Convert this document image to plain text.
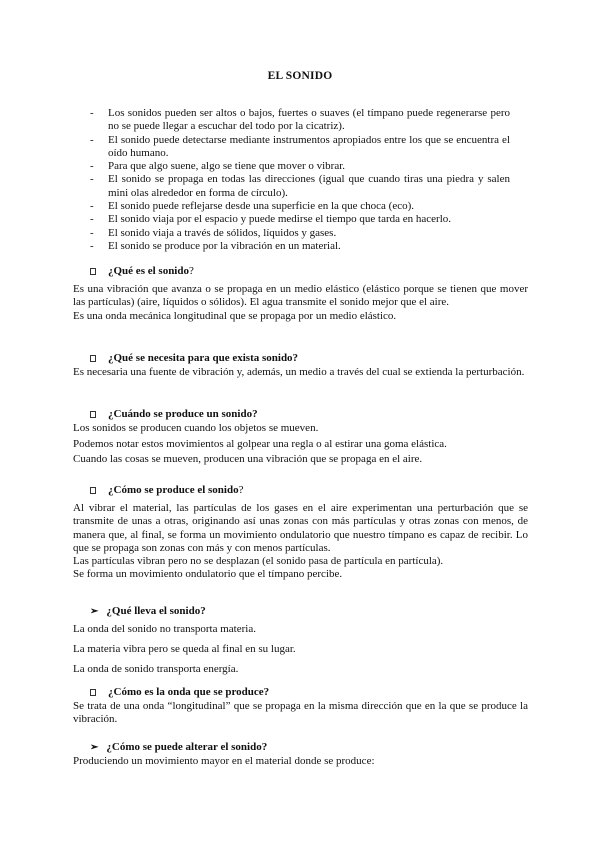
EL SONIDO
-	Los sonidos pueden ser altos o bajos, fuertes o suaves (el tímpano puede regenerarse pero no se puede llegar a escuchar del todo por la cicatriz).
-	El sonido puede detectarse mediante instrumentos apropiados entre los que se encuentra el oído humano.
-	Para que algo suene, algo se tiene que mover o vibrar.
-	El sonido se propaga en todas las direcciones (igual que cuando tiras una piedra y salen mini olas alrededor en forma de círculo).
-	El sonido puede reflejarse desde una superficie en la que choca (eco).
-	El sonido viaja por el espacio y puede medirse el tiempo que tarda en hacerlo.
-	El sonido viaja a través de sólidos, líquidos y gases.
-	El sonido se produce por la vibración en un material.
¿Qué es el sonido?

Es una vibración que avanza o se propaga en un medio elástico (elástico porque se tienen que mover las partículas) (aire, líquidos o sólidos). El agua transmite el sonido mejor que el aire.

Es una onda mecánica longitudinal que se propaga por un medio elástico.

¿Qué se necesita para que exista sonido?

Es necesaria una fuente de vibración y, además, un medio a través del cual se extienda la perturbación.

¿Cuándo se produce un sonido?

Los sonidos se producen cuando los objetos se mueven.

Podemos notar estos movimientos al golpear una regla o al estirar una goma elástica.

Cuando las cosas se mueven, producen una vibración que se propaga en el aire.

¿Cómo se produce el sonido?

Al vibrar el material, las partículas de los gases en el aire experimentan una perturbación que se transmite de unas a otras, originando así unas zonas con más partículas y otras zonas con menos, de manera que, al final, se forma un movimiento ondulatorio que nuestro tímpano es capaz de recibir. Lo que se propaga son zonas con más y con menos partículas.

Las partículas vibran pero no se desplazan (el sonido pasa de partícula en partícula).

Se forma un movimiento ondulatorio que el tímpano percibe.

➢ ¿Qué lleva el sonido?

La onda del sonido no transporta materia.

La materia vibra pero se queda al final en su lugar.

La onda de sonido transporta energía.

¿Cómo es la onda que se produce?

Se trata de una onda “longitudinal” que se propaga en la misma dirección que en la que se produce la vibración.

➢ ¿Cómo se puede alterar el sonido?

Produciendo un movimiento mayor en el material donde se produce:
